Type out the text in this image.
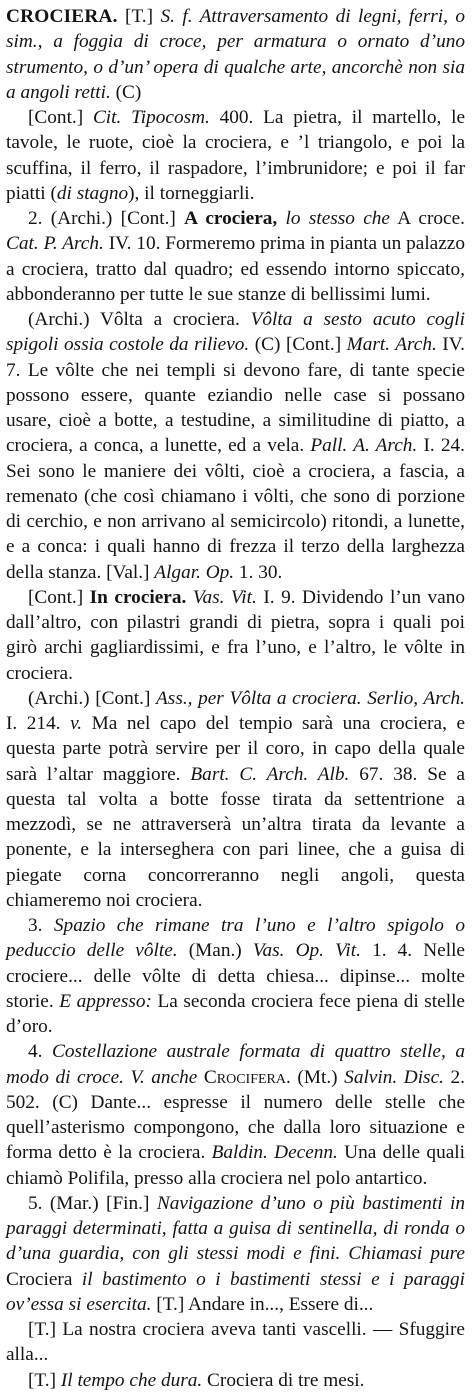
CROCIERA. [T.] S. f. Attraversamento di legni, ferri, o sim., a foggia di croce, per armatura o ornato d’uno strumento, o d’un’ opera di qualche arte, ancorchè non sia a angoli retti. (C)

[Cont.] Cit. Tipocosm. 400. La pietra, il martello, le tavole, le ruote, cioè la crociera, e ’l triangolo, e poi la scuffina, il ferro, il raspadore, l’imbrunidore; e poi il far piatti (di stagno), il torneggiarli.

2. (Archi.) [Cont.] A crociera, lo stesso che A croce. Cat. P. Arch. IV. 10. Formeremo prima in pianta un palazzo a crociera, tratto dal quadro; ed essendo intorno spiccato, abbonderanno per tutte le sue stanze di bellissimi lumi.

(Archi.) Vôlta a crociera. Vôlta a sesto acuto cogli spigoli ossia costole da rilievo. (C) [Cont.] Mart. Arch. IV. 7. Le vôlte che nei templi si devono fare, di tante specie possono essere, quante eziandio nelle case si possano usare, cioè a botte, a testudine, a similitudine di piatto, a crociera, a conca, a lunette, ed a vela. Pall. A. Arch. I. 24. Sei sono le maniere dei vôlti, cioè a crociera, a fascia, a remenato (che così chiamano i vôlti, che sono di porzione di cerchio, e non arrivano al semicircolo) ritondi, a lunette, e a conca: i quali hanno di frezza il terzo della larghezza della stanza. [Val.] Algar. Op. 1. 30.

[Cont.] In crociera. Vas. Vit. I. 9. Dividendo l’un vano dall’altro, con pilastri grandi di pietra, sopra i quali poi girò archi gagliardissimi, e fra l’uno, e l’altro, le vôlte in crociera.

(Archi.) [Cont.] Ass., per Vôlta a crociera. Serlio, Arch. I. 214. v. Ma nel capo del tempio sarà una crociera, e questa parte potrà servire per il coro, in capo della quale sarà l’altar maggiore. Bart. C. Arch. Alb. 67. 38. Se a questa tal volta a botte fosse tirata da settentrione a mezzodì, se ne attraverserà un’altra tirata da levante a ponente, e la interseghera con pari linee, che a guisa di piegate corna concorreranno negli angoli, questa chiameremo noi crociera.

3. Spazio che rimane tra l’uno e l’altro spigolo o peduccio delle vôlte. (Man.) Vas. Op. Vit. 1. 4. Nelle crociere... delle vôlte di detta chiesa... dipinse... molte storie. E appresso: La seconda crociera fece piena di stelle d’oro.

4. Costellazione australe formata di quattro stelle, a modo di croce. V. anche Crocifera. (Mt.) Salvin. Disc. 2. 502. (C) Dante... espresse il numero delle stelle che quell’asterismo compongono, che dalla loro situazione e forma detto è la crociera. Baldin. Decenn. Una delle quali chiamò Polifila, presso alla crociera nel polo antartico.

5. (Mar.) [Fin.] Navigazione d’uno o più bastimenti in paraggi determinati, fatta a guisa di sentinella, di ronda o d’una guardia, con gli stessi modi e fini. Chiamasi pure Crociera il bastimento o i bastimenti stessi e i paraggi ov’essa si esercita. [T.] Andare in..., Essere di...

[T.] La nostra crociera aveva tanti vascelli. — Sfuggire alla...

[T.] Il tempo che dura. Crociera di tre mesi.
